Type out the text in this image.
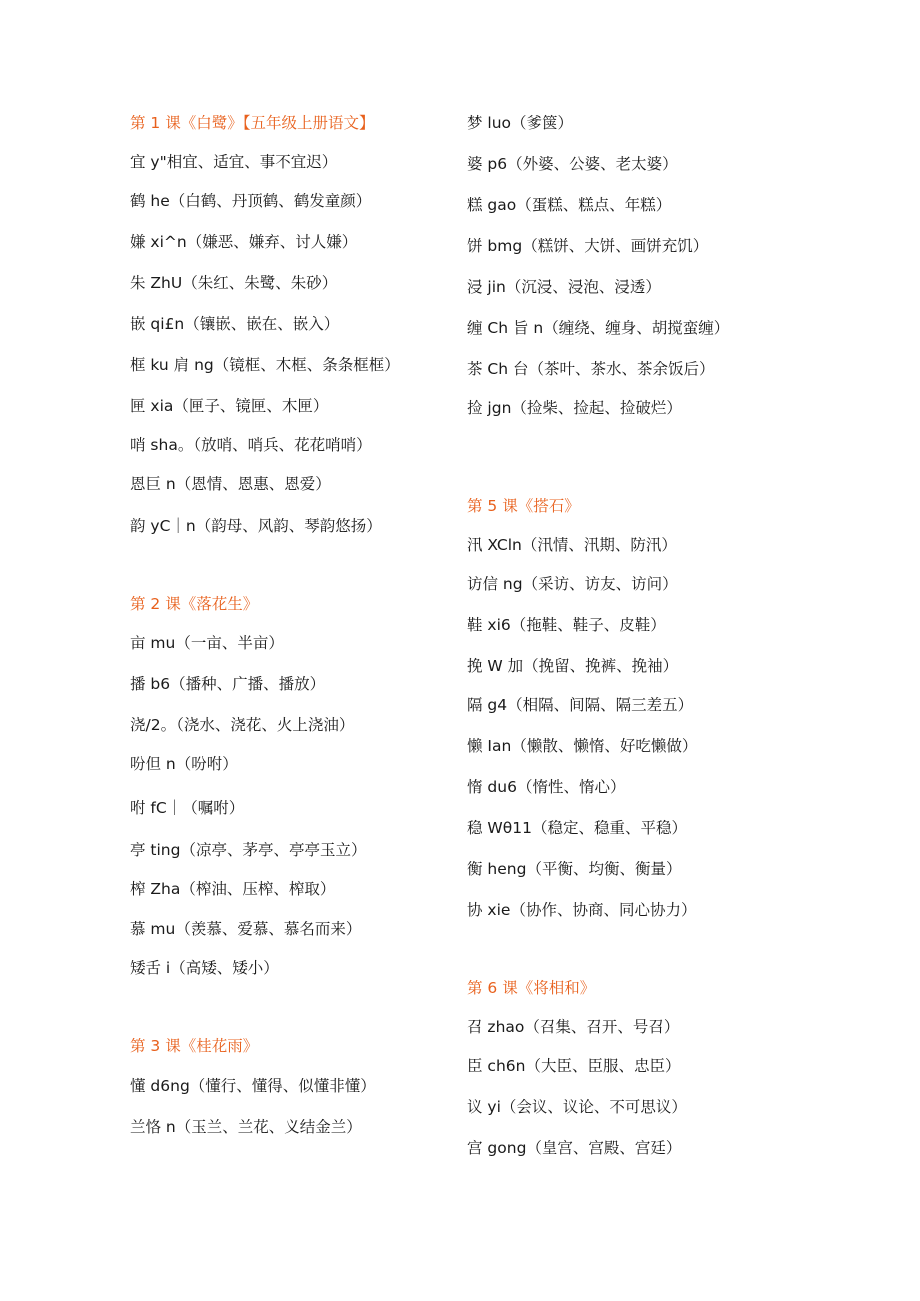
第 1 课《白鹭》【五年级上册语文】
宜 y"相宜、适宜、事不宜迟）
鹤 he（白鹤、丹顶鹤、鹤发童颜）
嫌 xi^n（嫌恶、嫌弃、讨人嫌）
朱 ZhU（朱红、朱鹭、朱砂）
嵌 qi£n（镶嵌、嵌在、嵌入）
框 ku 肩 ng（镜框、木框、条条框框）
匣 xia（匣子、镜匣、木匣）
哨 sha。（放哨、哨兵、花花哨哨）
恩巨 n（恩情、恩惠、恩爱）
韵 yC｜n（韵母、风韵、琴韵悠扬）
第 2 课《落花生》
亩 mu（一亩、半亩）
播 b6（播种、广播、播放）
浇/2。（浇水、浇花、火上浇油）
吩但 n（吩咐）
咐 fC｜（嘱咐）
亭 ting（凉亭、茅亭、亭亭玉立）
榨 Zha（榨油、压榨、榨取）
慕 mu（羡慕、爱慕、慕名而来）
矮舌 i（高矮、矮小）
第 3 课《桂花雨》
懂 d6ng（懂行、懂得、似懂非懂）
兰恪 n（玉兰、兰花、义结金兰）
梦 luo（爹箧）
婆 p6（外婆、公婆、老太婆）
糕 gao（蛋糕、糕点、年糕）
饼 bmg（糕饼、大饼、画饼充饥）
浸 jin（沉浸、浸泡、浸透）
缠 Ch 旨 n（缠绕、缠身、胡搅蛮缠）
茶 Ch 台（茶叶、茶水、茶余饭后）
捡 jgn（捡柴、捡起、捡破烂）
第 5 课《搭石》
汛 XCln（汛情、汛期、防汛）
访信 ng（采访、访友、访问）
鞋 xi6（拖鞋、鞋子、皮鞋）
挽 W 加（挽留、挽裤、挽袖）
隔 g4（相隔、间隔、隔三差五）
懒 Ian（懒散、懒惰、好吃懒做）
惰 du6（惰性、惰心）
稳 Wθ11（稳定、稳重、平稳）
衡 heng（平衡、均衡、衡量）
协 xie（协作、协商、同心协力）
第 6 课《将相和》
召 zhao（召集、召开、号召）
臣 ch6n（大臣、臣服、忠臣）
议 yi（会议、议论、不可思议）
宫 gong（皇宫、宫殿、宫廷）
